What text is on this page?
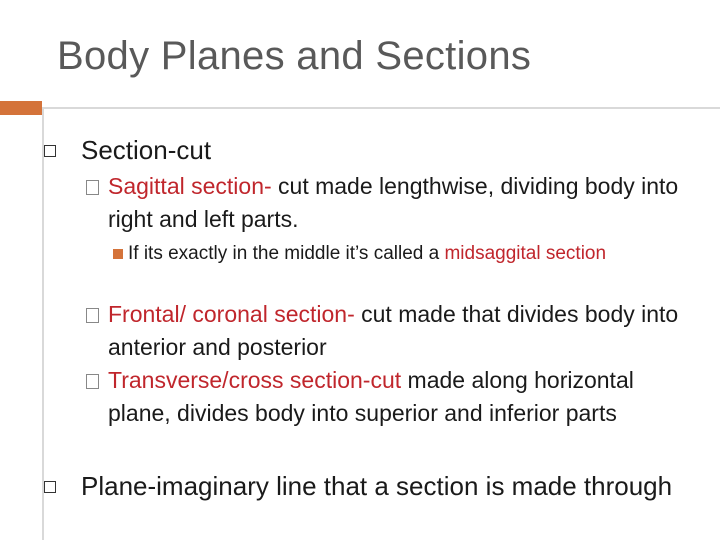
Body Planes and Sections
Section-cut
Sagittal section- cut made lengthwise, dividing body into right and left parts.
If its exactly in the middle it’s called a midsaggital section
Frontal/ coronal section- cut made that divides body into anterior and posterior
Transverse/cross section-cut made along horizontal plane, divides body into superior and inferior parts
Plane-imaginary line that a section is made through
